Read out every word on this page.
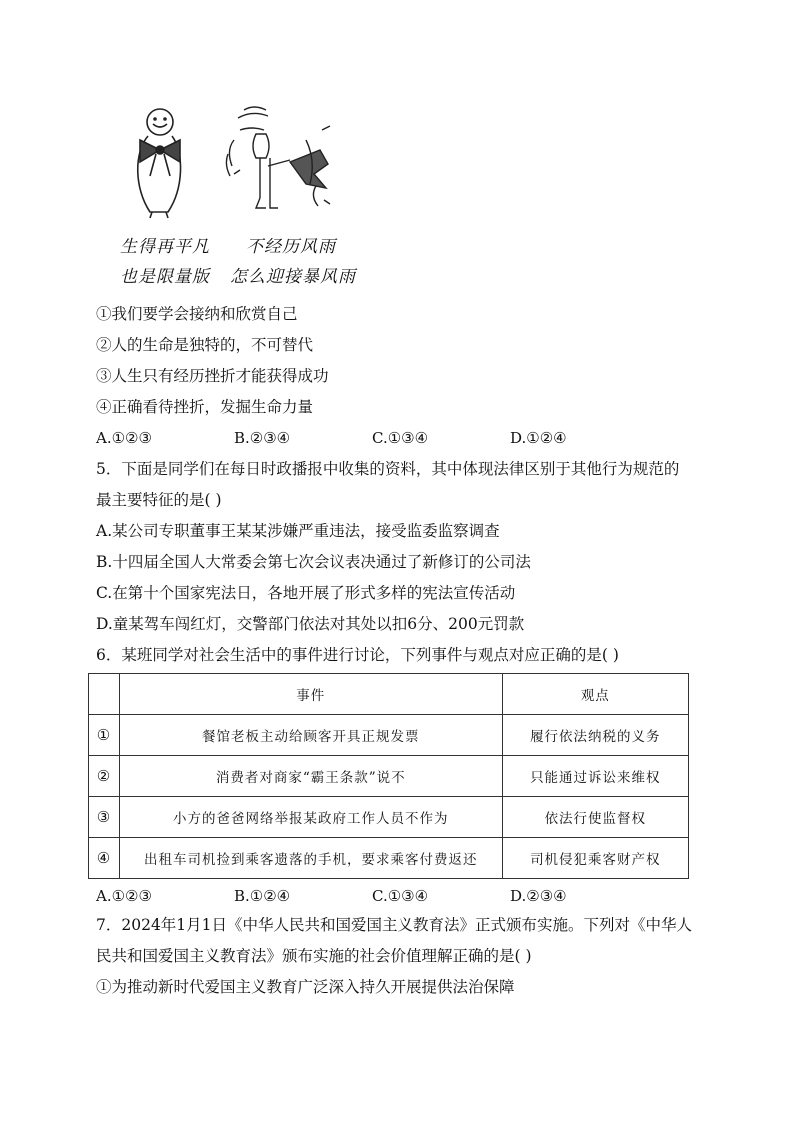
生得再平凡
也是限量版
不经历风雨
怎么迎接暴风雨
①我们要学会接纳和欣赏自己
②人的生命是独特的，不可替代
③人生只有经历挫折才能获得成功
④正确看待挫折，发掘生命力量
A.①②③	B.②③④	C.①③④	D.①②④
5．下面是同学们在每日时政播报中收集的资料，其中体现法律区别于其他行为规范的
最主要特征的是( )
A.某公司专职董事王某某涉嫌严重违法，接受监委监察调查
B.十四届全国人大常委会第七次会议表决通过了新修订的公司法
C.在第十个国家宪法日，各地开展了形式多样的宪法宣传活动
D.童某驾车闯红灯，交警部门依法对其处以扣6分、200元罚款
6．某班同学对社会生活中的事件进行讨论，下列事件与观点对应正确的是( )
	事件	观点
①	餐馆老板主动给顾客开具正规发票	履行依法纳税的义务
②	消费者对商家“霸王条款”说不	只能通过诉讼来维权
③	小方的爸爸网络举报某政府工作人员不作为	依法行使监督权
④	出租车司机捡到乘客遗落的手机，要求乘客付费返还	司机侵犯乘客财产权
A.①②③	B.①②④	C.①③④	D.②③④
7．2024年1月1日《中华人民共和国爱国主义教育法》正式颁布实施。下列对《中华人
民共和国爱国主义教育法》颁布实施的社会价值理解正确的是( )
①为推动新时代爱国主义教育广泛深入持久开展提供法治保障
